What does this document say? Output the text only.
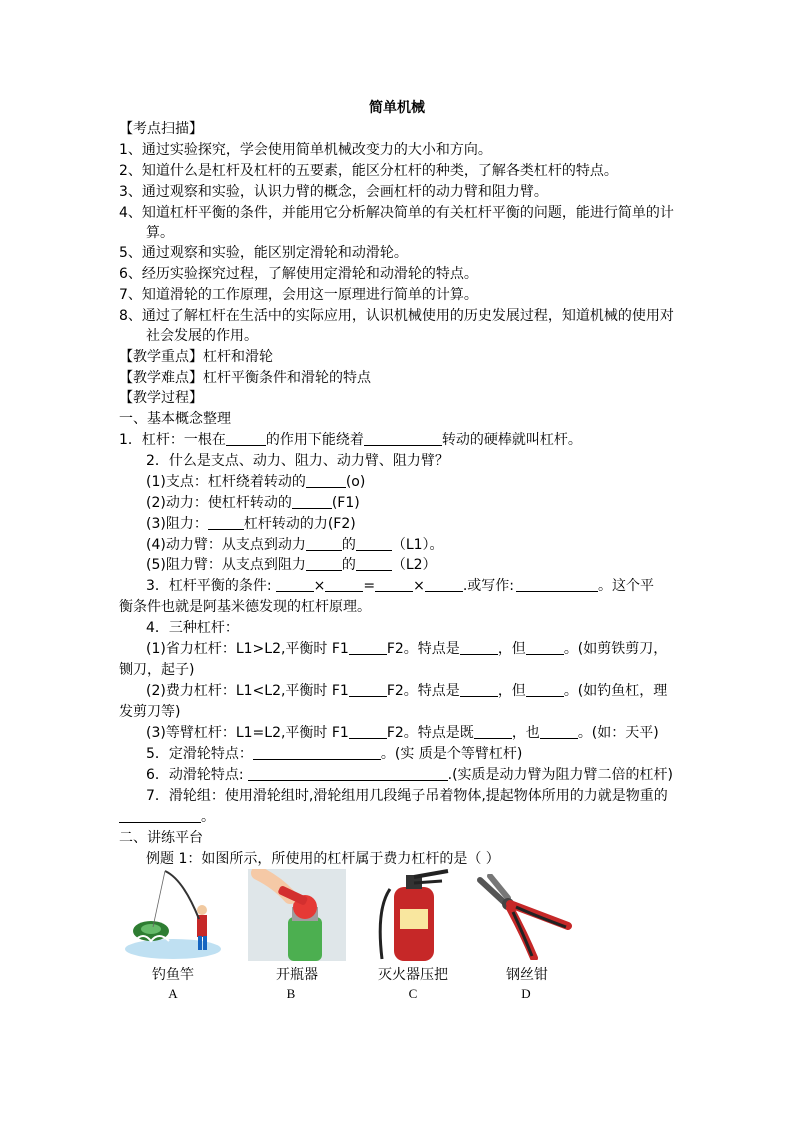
简单机械
【考点扫描】
1、通过实验探究，学会使用简单机械改变力的大小和方向。
2、知道什么是杠杆及杠杆的五要素，能区分杠杆的种类，了解各类杠杆的特点。
3、通过观察和实验，认识力臂的概念，会画杠杆的动力臂和阻力臂。
4、知道杠杆平衡的条件，并能用它分析解决简单的有关杠杆平衡的问题，能进行简单的计
算。
5、通过观察和实验，能区别定滑轮和动滑轮。
6、经历实验探究过程，了解使用定滑轮和动滑轮的特点。
7、知道滑轮的工作原理，会用这一原理进行简单的计算。
8、通过了解杠杆在生活中的实际应用，认识机械使用的历史发展过程，知道机械的使用对
社会发展的作用。
【教学重点】杠杆和滑轮
【教学难点】杠杆平衡条件和滑轮的特点
【教学过程】
一、基本概念整理
1．杠杆：一根在	的作用下能绕着	转动的硬棒就叫杠杆。
2．什么是支点、动力、阻力、动力臂、阻力臂？
(1)支点：杠杆绕着转动的	(o)
(2)动力：使杠杆转动的	(F1)
(3)阻力：	杠杆转动的力(F2)
(4)动力臂：从支点到动力	的	（L1）。
(5)阻力臂：从支点到阻力	的	（L2）
3．杠杆平衡的条件:	×	=	×	.或写作:	。这个平
衡条件也就是阿基米德发现的杠杆原理。
4．三种杠杆：
(1)省力杠杆：L1>L2,平衡时 F1	F2。特点是	，但	。(如剪铁剪刀，
铡刀，起子)
(2)费力杠杆：L1<L2,平衡时 F1	F2。特点是	，但	。(如钓鱼杠，理
发剪刀等)
(3)等臂杠杆：L1=L2,平衡时 F1	F2。特点是既	，也	。(如：天平)
5．定滑轮特点：	。(实 质是个等臂杠杆)
6．动滑轮特点:	.(实质是动力臂为阻力臂二倍的杠杆)
7．滑轮组：使用滑轮组时,滑轮组用几段绳子吊着物体,提起物体所用的力就是物重的
。
二、讲练平台
例题 1：如图所示，所使用的杠杆属于费力杠杆的是（ ）
钓鱼竿
A
开瓶器
B
灭火器压把
C
钢丝钳
D
